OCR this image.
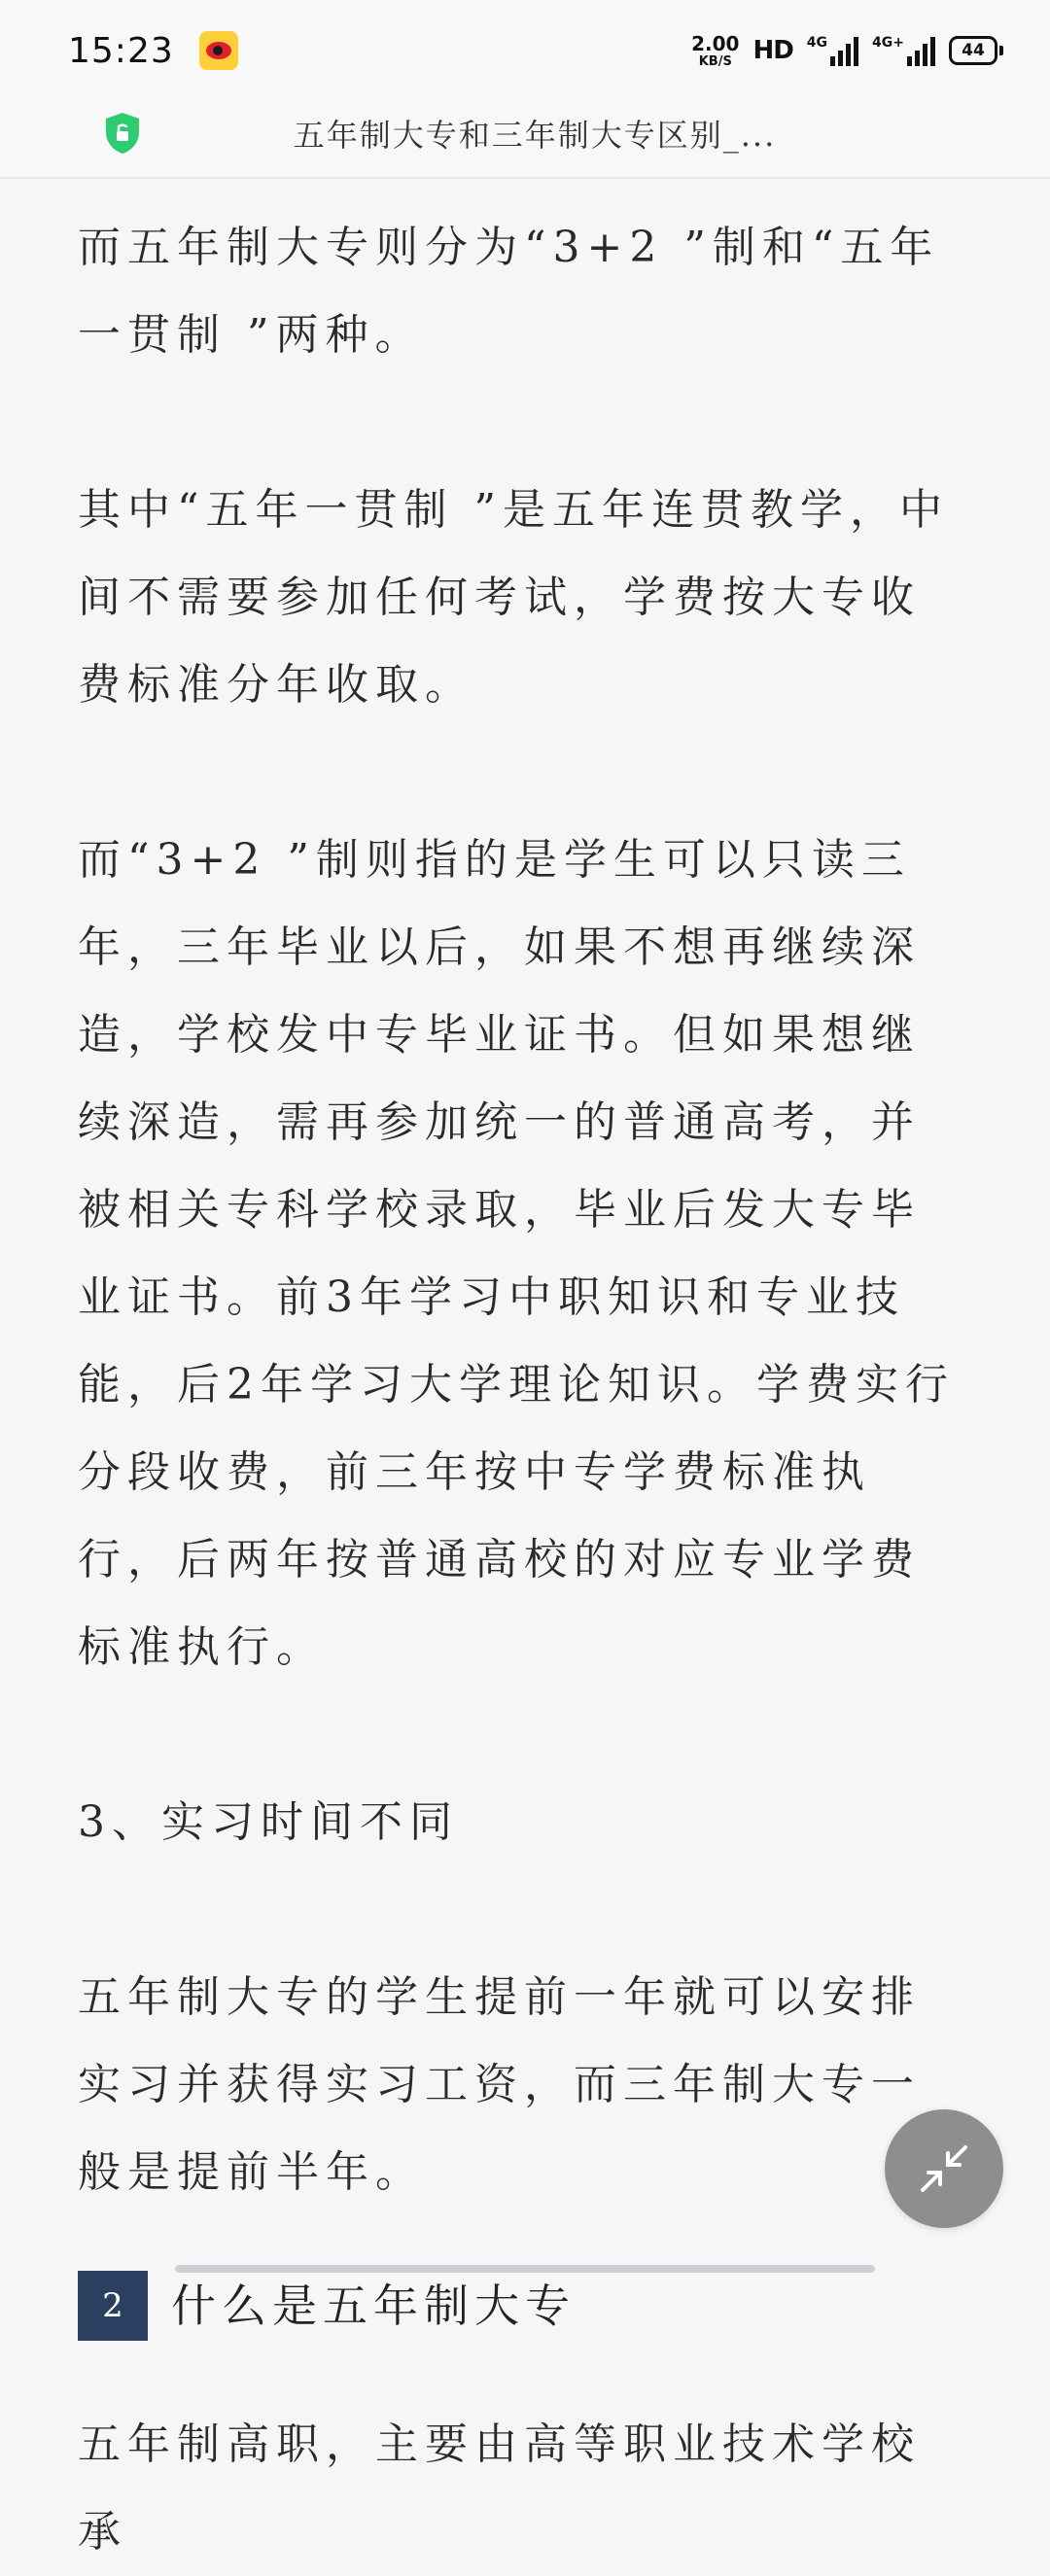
15:23	2.00
KB/S HD 4G	4G+	44
五年制大专和三年制大专区别_...

而五年制大专则分为“3+2 ”制和“五年一贯制 ”两种。

其中“五年一贯制 ”是五年连贯教学，中间不需要参加任何考试，学费按大专收费标准分年收取。

而“3+2 ”制则指的是学生可以只读三年，三年毕业以后，如果不想再继续深造，学校发中专毕业证书。但如果想继续深造，需再参加统一的普通高考，并被相关专科学校录取，毕业后发大专毕业证书。前3年学习中职知识和专业技能，后2年学习大学理论知识。学费实行分段收费，前三年按中专学费标准执行，后两年按普通高校的对应专业学费标准执行。

3、实习时间不同

五年制大专的学生提前一年就可以安排实习并获得实习工资，而三年制大专一般是提前半年。

2	什么是五年制大专

五年制高职，主要由高等职业技术学校承
